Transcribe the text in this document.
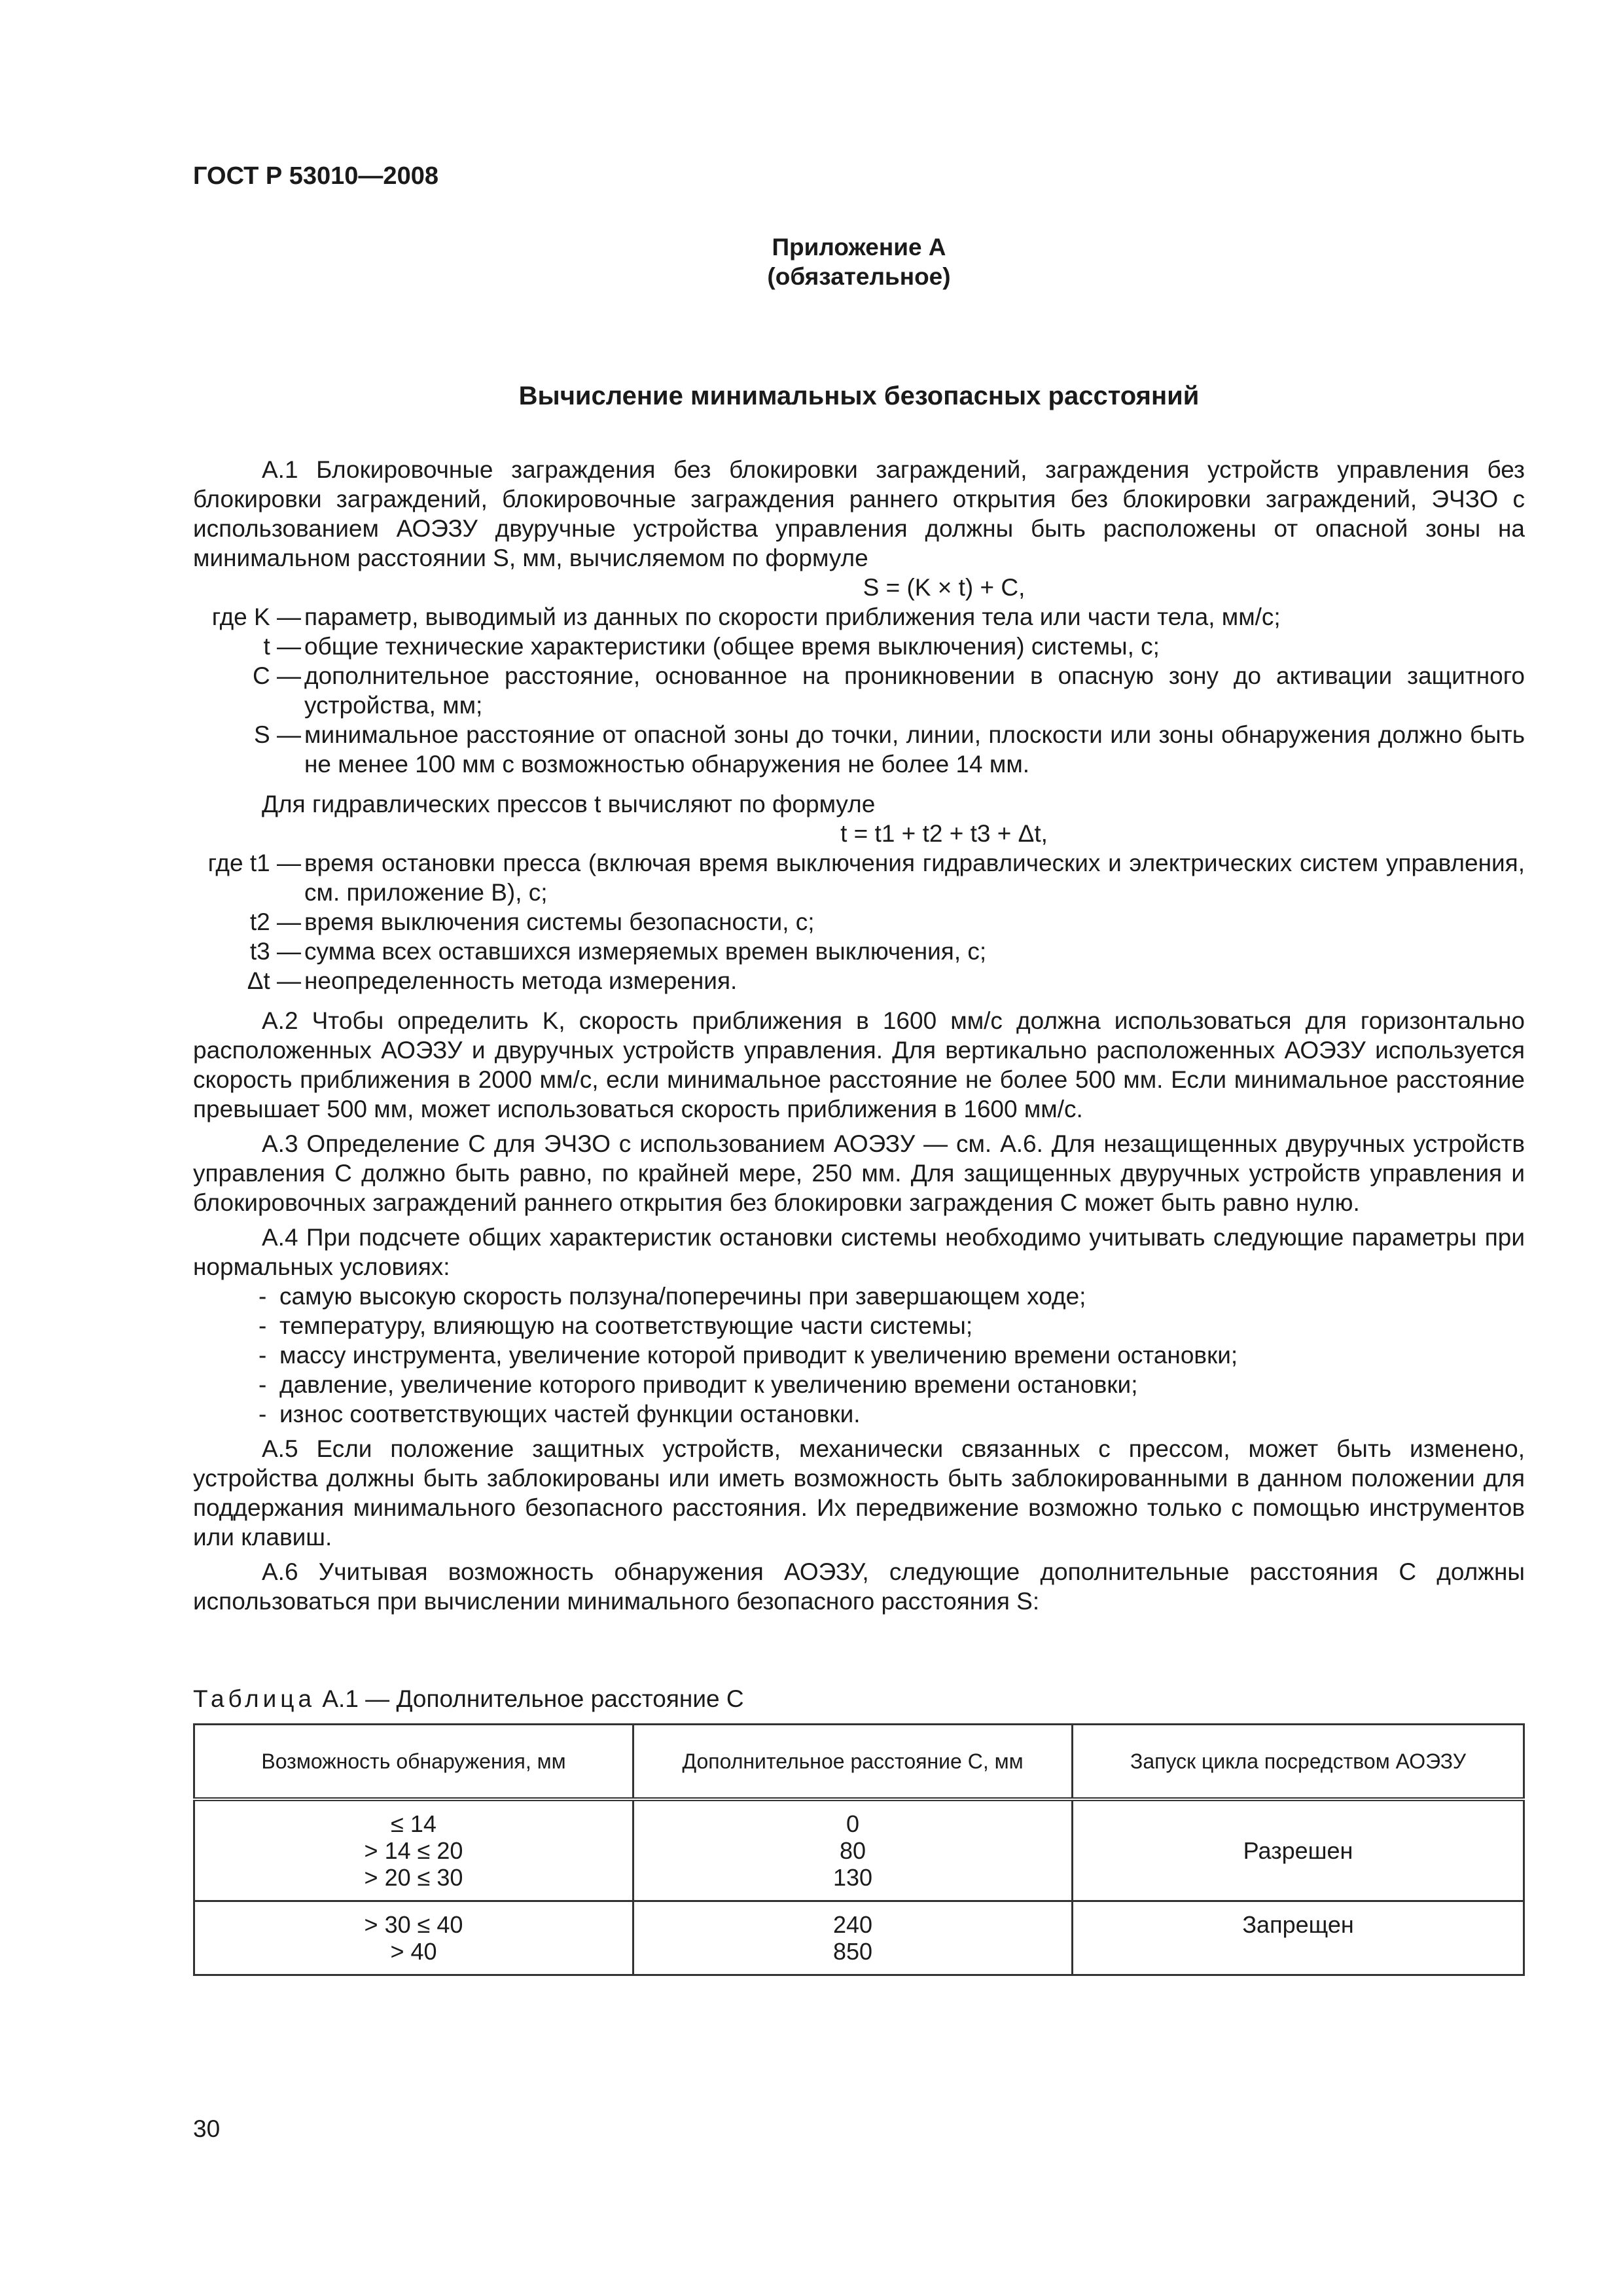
ГОСТ Р 53010—2008
Приложение А
(обязательное)
Вычисление минимальных безопасных расстояний

А.1 Блокировочные заграждения без блокировки заграждений, заграждения устройств управления без блокировки заграждений, блокировочные заграждения раннего открытия без блокировки заграждений, ЭЧЗО с использованием АОЭЗУ двуручные устройства управления должны быть расположены от опасной зоны на минимальном расстоянии S, мм, вычисляемом по формуле

S = (K × t) + C,

где K — параметр, выводимый из данных по скорости приближения тела или части тела, мм/с;

t — общие технические характеристики (общее время выключения) системы, с;

C — дополнительное расстояние, основанное на проникновении в опасную зону до активации защитного устройства, мм;

S — минимальное расстояние от опасной зоны до точки, линии, плоскости или зоны обнаружения должно быть не менее 100 мм с возможностью обнаружения не более 14 мм.

Для гидравлических прессов t вычисляют по формуле

t = t1 + t2 + t3 + Δt,

где t1 — время остановки пресса (включая время выключения гидравлических и электрических систем управления, см. приложение В), с;

t2 — время выключения системы безопасности, с;

t3 — сумма всех оставшихся измеряемых времен выключения, с;

Δt — неопределенность метода измерения.

А.2 Чтобы определить K, скорость приближения в 1600 мм/с должна использоваться для горизонтально расположенных АОЭЗУ и двуручных устройств управления. Для вертикально расположенных АОЭЗУ используется скорость приближения в 2000 мм/с, если минимальное расстояние не более 500 мм. Если минимальное расстояние превышает 500 мм, может использоваться скорость приближения в 1600 мм/с.

А.3 Определение C для ЭЧЗО с использованием АОЭЗУ — см. А.6. Для незащищенных двуручных устройств управления C должно быть равно, по крайней мере, 250 мм. Для защищенных двуручных устройств управления и блокировочных заграждений раннего открытия без блокировки заграждения C может быть равно нулю.

А.4 При подсчете общих характеристик остановки системы необходимо учитывать следующие параметры при нормальных условиях:

- самую высокую скорость ползуна/поперечины при завершающем ходе;
- температуру, влияющую на соответствующие части системы;
- массу инструмента, увеличение которой приводит к увеличению времени остановки;
- давление, увеличение которого приводит к увеличению времени остановки;
- износ соответствующих частей функции остановки.

А.5 Если положение защитных устройств, механически связанных с прессом, может быть изменено, устройства должны быть заблокированы или иметь возможность быть заблокированными в данном положении для поддержания минимального безопасного расстояния. Их передвижение возможно только с помощью инструментов или клавиш.

А.6 Учитывая возможность обнаружения АОЭЗУ, следующие дополнительные расстояния C должны использоваться при вычислении минимального безопасного расстояния S:

Таблица А.1 — Дополнительное расстояние C
Возможность обнаружения, мм	Дополнительное расстояние С, мм	Запуск цикла посредством АОЭЗУ

≤ 14
> 14 ≤ 20
> 20 ≤ 30	0
80
130	Разрешен

> 30 ≤ 40
> 40	240
850	Запрещен
30
